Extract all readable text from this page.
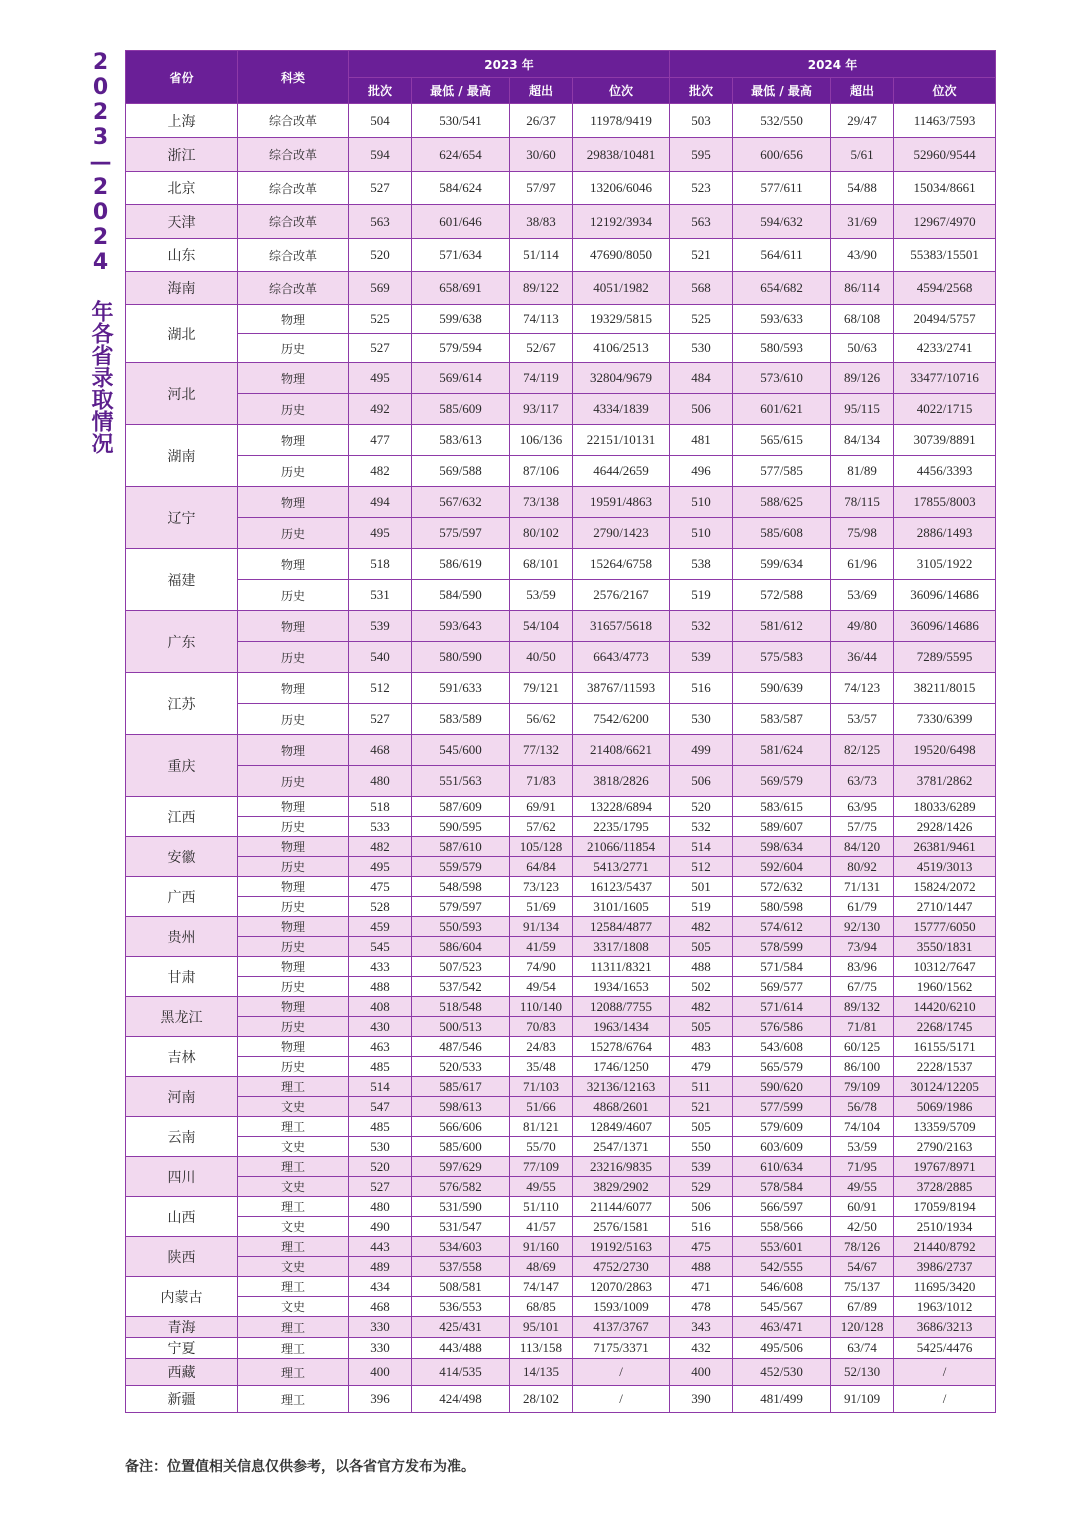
2023—2024 年各省录取情况	省份	科类	2023 年				2024 年			
		批次	最低 / 最高	超出	位次	批次	最低 / 最高	超出	位次
上海	综合改革	504	530/541	26/37	11978/9419	503	532/550	29/47	11463/7593
浙江	综合改革	594	624/654	30/60	29838/10481	595	600/656	5/61	52960/9544
北京	综合改革	527	584/624	57/97	13206/6046	523	577/611	54/88	15034/8661
天津	综合改革	563	601/646	38/83	12192/3934	563	594/632	31/69	12967/4970
山东	综合改革	520	571/634	51/114	47690/8050	521	564/611	43/90	55383/15501
海南	综合改革	569	658/691	89/122	4051/1982	568	654/682	86/114	4594/2568
湖北	物理	525	599/638	74/113	19329/5815	525	593/633	68/108	20494/5757
	历史	527	579/594	52/67	4106/2513	530	580/593	50/63	4233/2741
河北	物理	495	569/614	74/119	32804/9679	484	573/610	89/126	33477/10716
	历史	492	585/609	93/117	4334/1839	506	601/621	95/115	4022/1715
湖南	物理	477	583/613	106/136	22151/10131	481	565/615	84/134	30739/8891
	历史	482	569/588	87/106	4644/2659	496	577/585	81/89	4456/3393
辽宁	物理	494	567/632	73/138	19591/4863	510	588/625	78/115	17855/8003
	历史	495	575/597	80/102	2790/1423	510	585/608	75/98	2886/1493
福建	物理	518	586/619	68/101	15264/6758	538	599/634	61/96	3105/1922
	历史	531	584/590	53/59	2576/2167	519	572/588	53/69	36096/14686
广东	物理	539	593/643	54/104	31657/5618	532	581/612	49/80	36096/14686
	历史	540	580/590	40/50	6643/4773	539	575/583	36/44	7289/5595
江苏	物理	512	591/633	79/121	38767/11593	516	590/639	74/123	38211/8015
	历史	527	583/589	56/62	7542/6200	530	583/587	53/57	7330/6399
重庆	物理	468	545/600	77/132	21408/6621	499	581/624	82/125	19520/6498
	历史	480	551/563	71/83	3818/2826	506	569/579	63/73	3781/2862
江西	物理	518	587/609	69/91	13228/6894	520	583/615	63/95	18033/6289
	历史	533	590/595	57/62	2235/1795	532	589/607	57/75	2928/1426
安徽	物理	482	587/610	105/128	21066/11854	514	598/634	84/120	26381/9461
	历史	495	559/579	64/84	5413/2771	512	592/604	80/92	4519/3013
广西	物理	475	548/598	73/123	16123/5437	501	572/632	71/131	15824/2072
	历史	528	579/597	51/69	3101/1605	519	580/598	61/79	2710/1447
贵州	物理	459	550/593	91/134	12584/4877	482	574/612	92/130	15777/6050
	历史	545	586/604	41/59	3317/1808	505	578/599	73/94	3550/1831
甘肃	物理	433	507/523	74/90	11311/8321	488	571/584	83/96	10312/7647
	历史	488	537/542	49/54	1934/1653	502	569/577	67/75	1960/1562
黑龙江	物理	408	518/548	110/140	12088/7755	482	571/614	89/132	14420/6210
	历史	430	500/513	70/83	1963/1434	505	576/586	71/81	2268/1745
吉林	物理	463	487/546	24/83	15278/6764	483	543/608	60/125	16155/5171
	历史	485	520/533	35/48	1746/1250	479	565/579	86/100	2228/1537
河南	理工	514	585/617	71/103	32136/12163	511	590/620	79/109	30124/12205
	文史	547	598/613	51/66	4868/2601	521	577/599	56/78	5069/1986
云南	理工	485	566/606	81/121	12849/4607	505	579/609	74/104	13359/5709
	文史	530	585/600	55/70	2547/1371	550	603/609	53/59	2790/2163
四川	理工	520	597/629	77/109	23216/9835	539	610/634	71/95	19767/8971
	文史	527	576/582	49/55	3829/2902	529	578/584	49/55	3728/2885
山西	理工	480	531/590	51/110	21144/6077	506	566/597	60/91	17059/8194
	文史	490	531/547	41/57	2576/1581	516	558/566	42/50	2510/1934
陕西	理工	443	534/603	91/160	19192/5163	475	553/601	78/126	21440/8792
	文史	489	537/558	48/69	4752/2730	488	542/555	54/67	3986/2737
内蒙古	理工	434	508/581	74/147	12070/2863	471	546/608	75/137	11695/3420
	文史	468	536/553	68/85	1593/1009	478	545/567	67/89	1963/1012
青海	理工	330	425/431	95/101	4137/3767	343	463/471	120/128	3686/3213
宁夏	理工	330	443/488	113/158	7175/3371	432	495/506	63/74	5425/4476
西藏	理工	400	414/535	14/135	/	400	452/530	52/130	/
新疆	理工	396	424/498	28/102	/	390	481/499	91/109	/
备注：位置值相关信息仅供参考，以各省官方发布为准。
